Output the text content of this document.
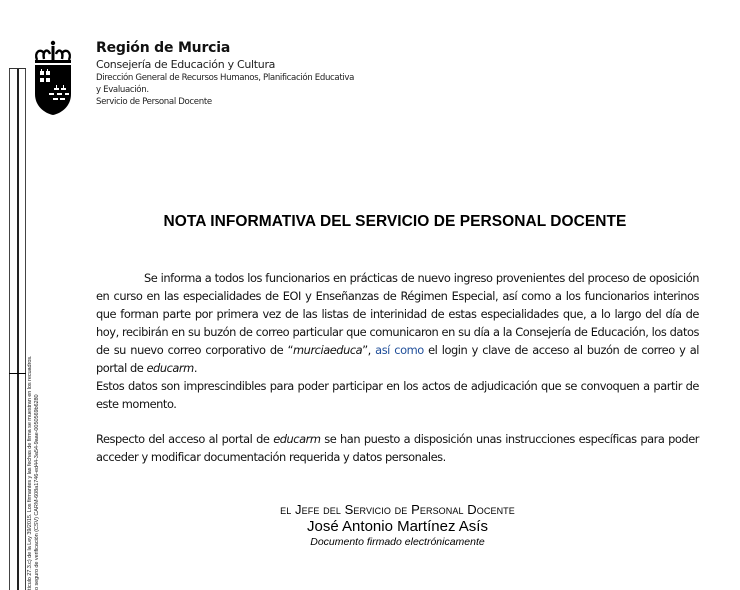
tículo 27.3.c) de la Ley 39/2015. Los firmantes y las fechas de firma se muestran en los recuadros. o seguro de verificación (CSV) CARM-608a1746-ed44-3a54-9aae-0050569b6280
Región de Murcia
Consejería de Educación y Cultura
Dirección General de Recursos Humanos, Planificación Educativa
y Evaluación.
Servicio de Personal Docente
NOTA INFORMATIVA DEL SERVICIO DE PERSONAL DOCENTE
Se informa a todos los funcionarios en prácticas de nuevo ingreso provenientes del proceso de oposición en curso en las especialidades de EOI y Enseñanzas de Régimen Especial, así como a los funcionarios interinos que forman parte por primera vez de las listas de interinidad de estas especialidades que, a lo largo del día de hoy, recibirán en su buzón de correo particular que comunicaron en su día a la Consejería de Educación, los datos de su nuevo correo corporativo de “murciaeduca”, así como el login y clave de acceso al buzón de correo y al portal de educarm.
Estos datos son imprescindibles para poder participar en los actos de adjudicación que se convoquen a partir de este momento.
Respecto del acceso al portal de educarm se han puesto a disposición unas instrucciones específicas para poder acceder y modificar documentación requerida y datos personales.
el Jefe del Servicio de Personal Docente
José Antonio Martínez Asís
Documento firmado electrónicamente
